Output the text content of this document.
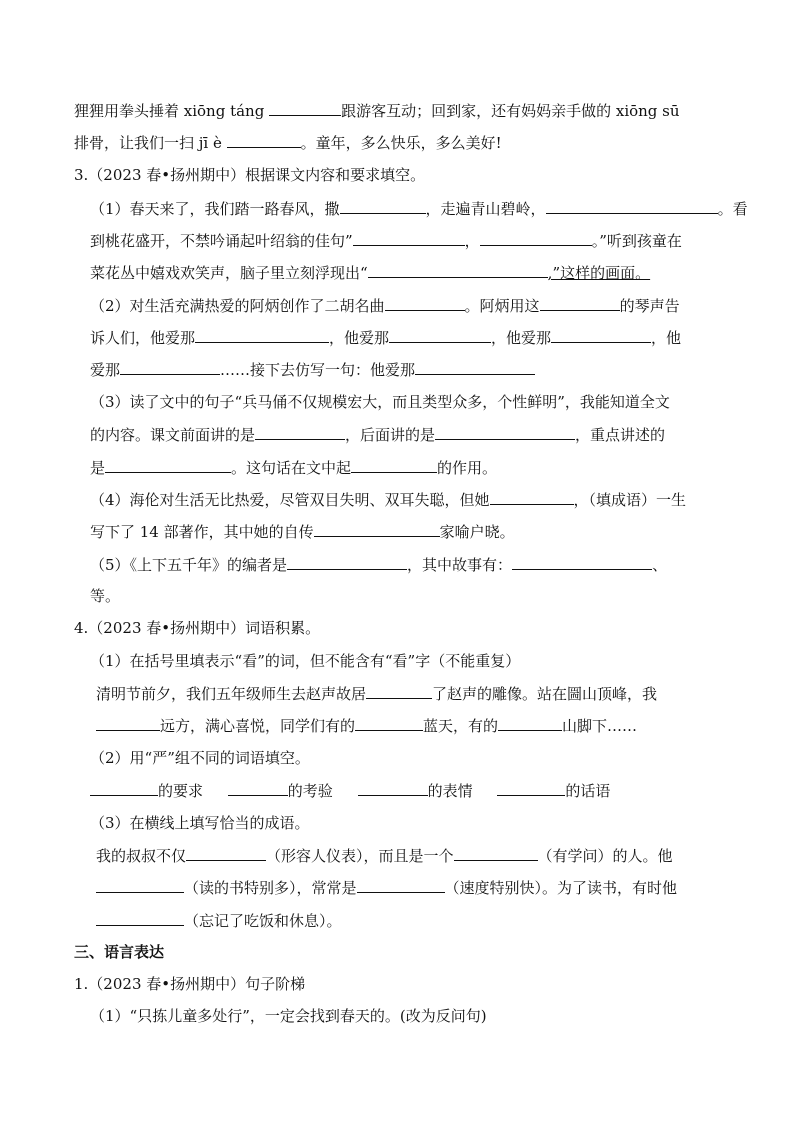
狸狸用拳头捶着 xiōng táng	跟游客互动；回到家，还有妈妈亲手做的 xiōng sū
排骨，让我们一扫 jī è	。童年，多么快乐，多么美好!
3.（2023 春•扬州期中）根据课文内容和要求填空。
（1）春天来了，我们踏一路春风，撒	，走遍青山碧岭，	。看
到桃花盛开，不禁吟诵起叶绍翁的佳句”	，	。”听到孩童在
菜花丛中嬉戏欢笑声，脑子里立刻浮现出“	,”这样的画面。
（2）对生活充满热爱的阿炳创作了二胡名曲	。阿炳用这	的琴声告
诉人们，他爱那	，他爱那	，他爱那	，他
爱那	……接下去仿写一句：他爱那
（3）读了文中的句子“兵马俑不仅规模宏大，而且类型众多，个性鲜明”，我能知道全文
的内容。课文前面讲的是	，后面讲的是	，重点讲述的
是	。这句话在文中起	的作用。
（4）海伦对生活无比热爱，尽管双目失明、双耳失聪，但她	，（填成语）一生
写下了 14 部著作，其中她的自传	家喻户晓。
（5）《上下五千年》的编者是	，其中故事有：	、
等。
4.（2023 春•扬州期中）词语积累。
（1）在括号里填表示“看”的词，但不能含有“看”字（不能重复）
清明节前夕，我们五年级师生去赵声故居	了赵声的雕像。站在圌山顶峰，我
远方，满心喜悦，同学们有的	蓝天，有的	山脚下……
（2）用“严”组不同的词语填空。
的要求	的考验	的表情	的话语
（3）在横线上填写恰当的成语。
我的叔叔不仅	（形容人仪表），而且是一个	（有学问）的人。他
（读的书特别多），常常是	（速度特别快）。为了读书，有时他
（忘记了吃饭和休息）。
三、语言表达
1.（2023 春•扬州期中）句子阶梯
（1）“只拣儿童多处行”，一定会找到春天的。(改为反问句)
